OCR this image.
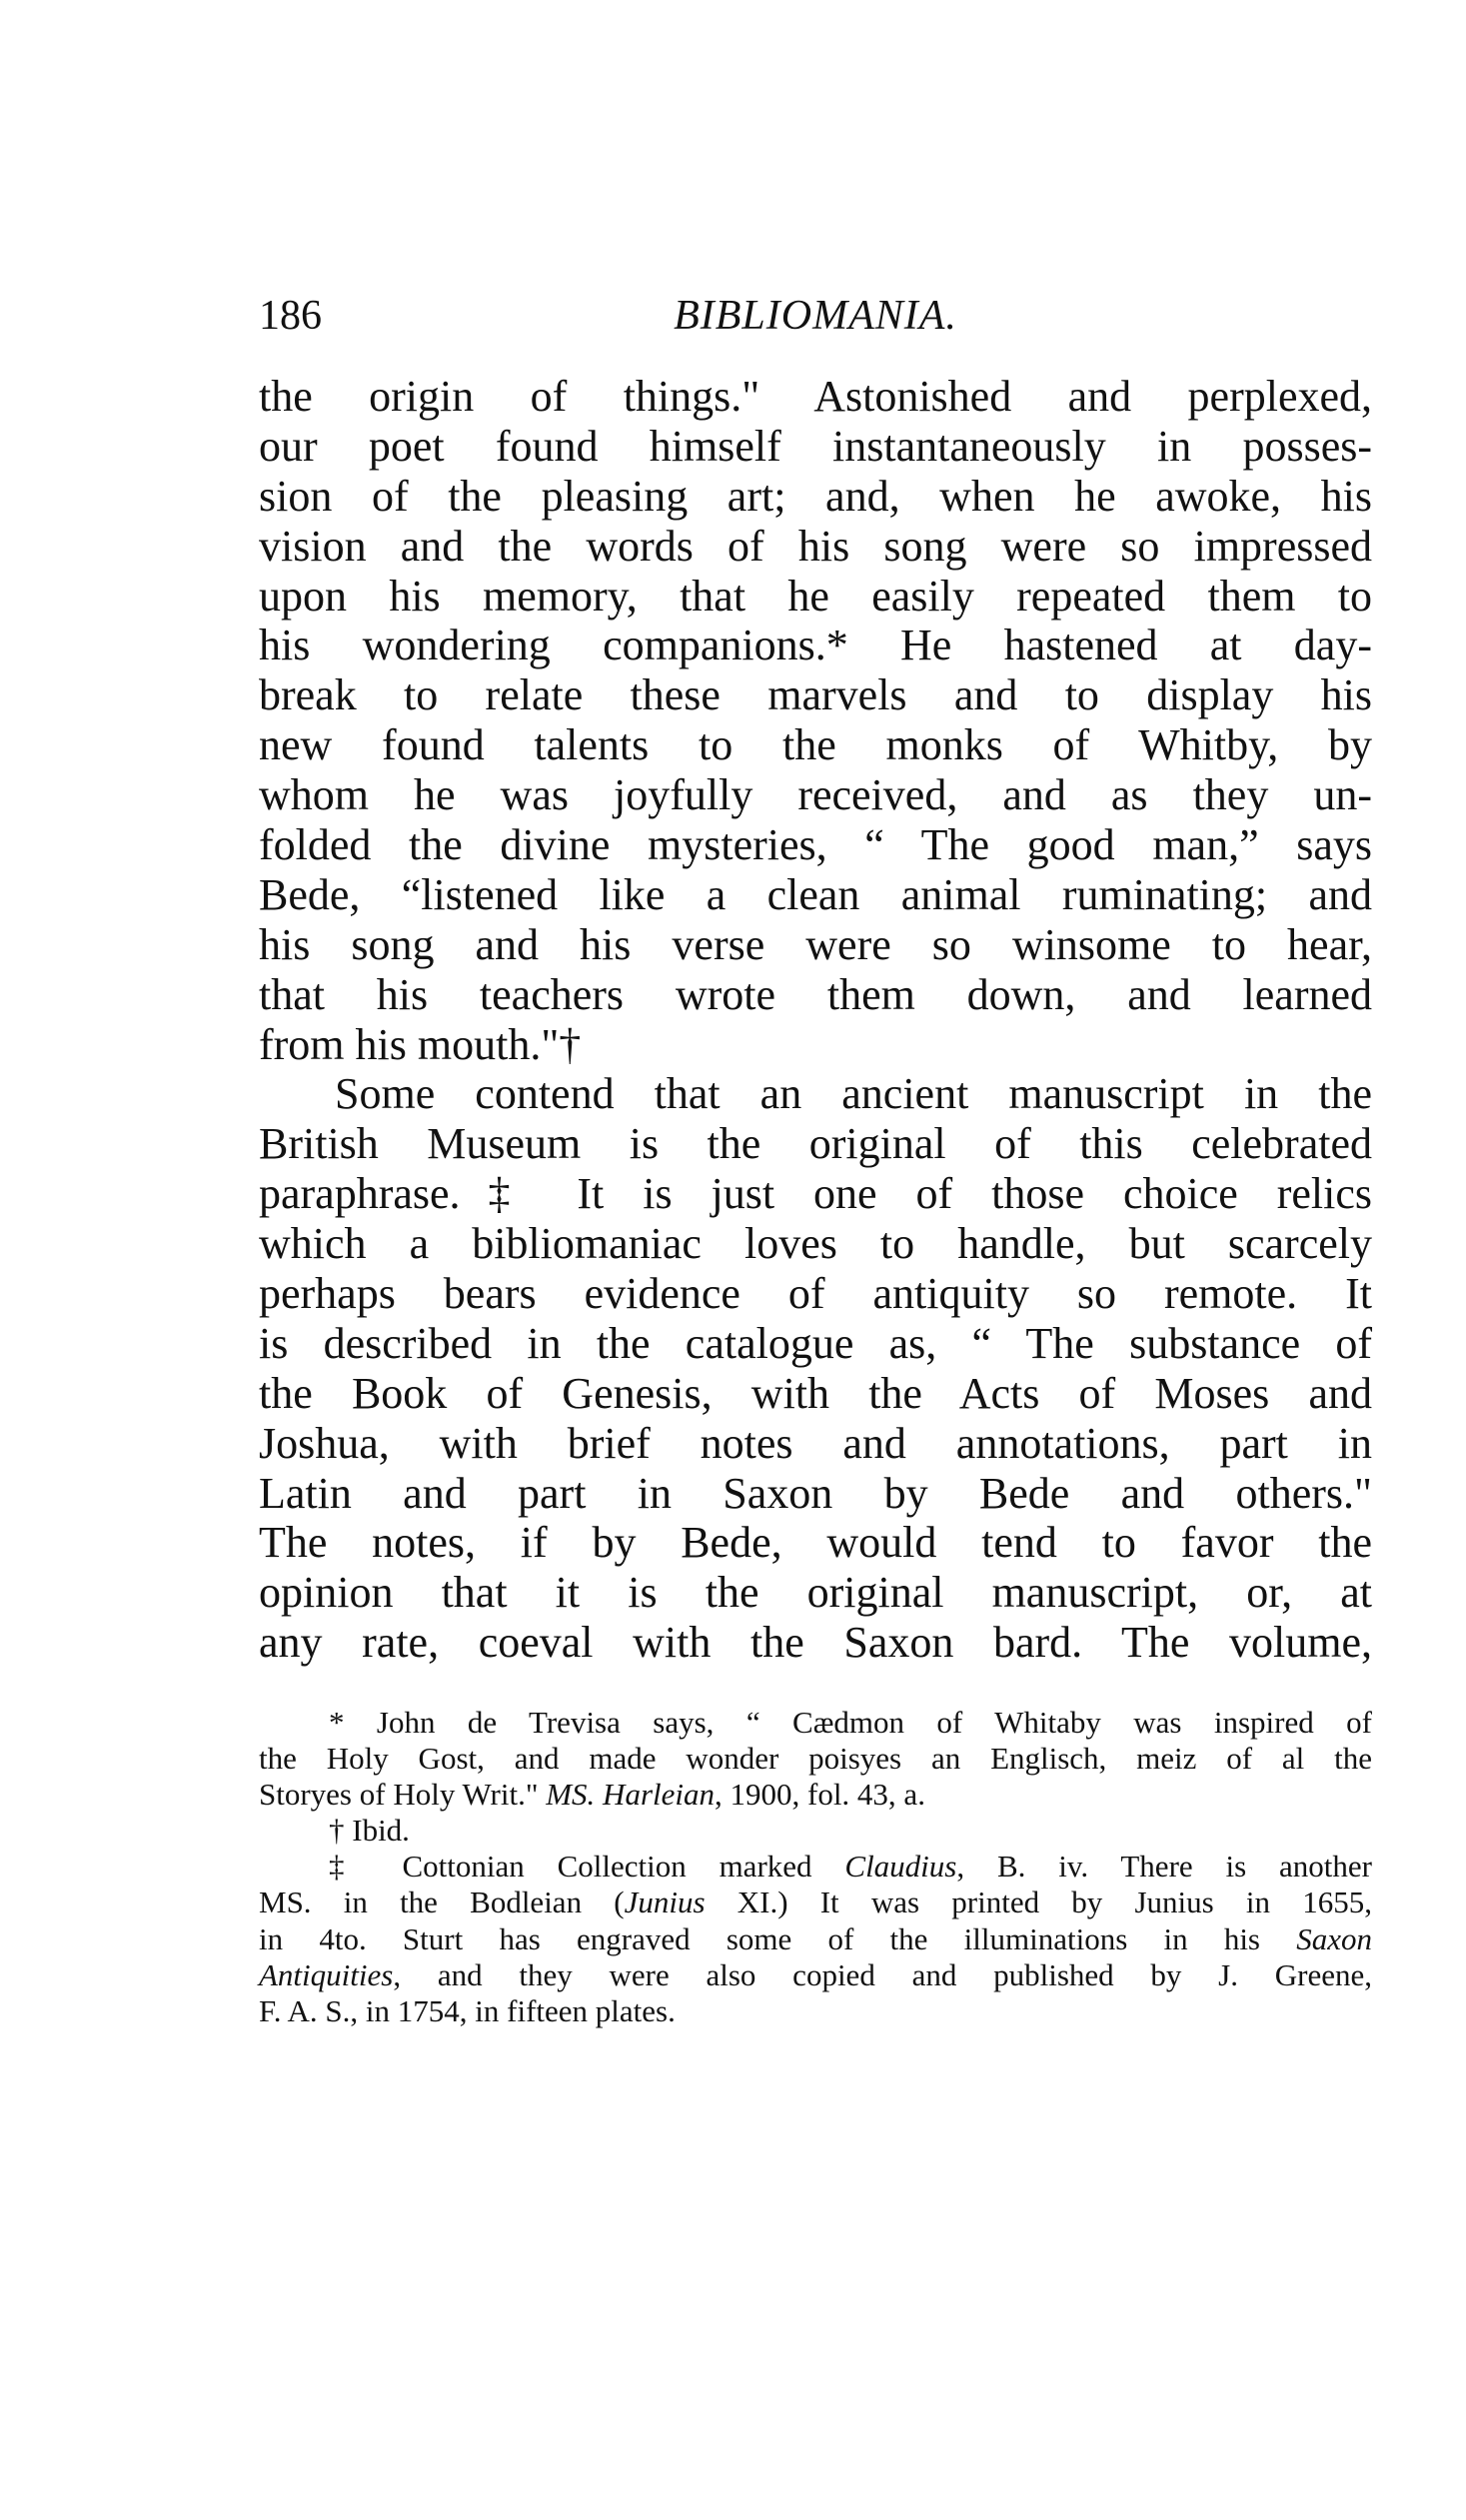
186	BIBLIOMANIA.
the origin of things." Astonished and perplexed,
our poet found himself instantaneously in posses-
sion of the pleasing art; and, when he awoke, his
vision and the words of his song were so impressed
upon his memory, that he easily repeated them to
his wondering companions.* He hastened at day-
break to relate these marvels and to display his
new found talents to the monks of Whitby, by
whom he was joyfully received, and as they un-
folded the divine mysteries, “ The good man,” says
Bede, “listened like a clean animal ruminating; and
his song and his verse were so winsome to hear,
that his teachers wrote them down, and learned
from his mouth."†
Some contend that an ancient manuscript in the
British Museum is the original of this celebrated
paraphrase.‡ It is just one of those choice relics
which a bibliomaniac loves to handle, but scarcely
perhaps bears evidence of antiquity so remote. It
is described in the catalogue as, “ The substance of
the Book of Genesis, with the Acts of Moses and
Joshua, with brief notes and annotations, part in
Latin and part in Saxon by Bede and others."
The notes, if by Bede, would tend to favor the
opinion that it is the original manuscript, or, at
any rate, coeval with the Saxon bard. The volume,
* John de Trevisa says, “ Cædmon of Whitaby was inspired of
the Holy Gost, and made wonder poisyes an Englisch, meiz of al the
Storyes of Holy Writ." MS. Harleian, 1900, fol. 43, a.
† Ibid.
‡ Cottonian Collection marked Claudius, B. iv. There is another
MS. in the Bodleian (Junius XI.) It was printed by Junius in 1655,
in 4to. Sturt has engraved some of the illuminations in his Saxon
Antiquities, and they were also copied and published by J. Greene,
F. A. S., in 1754, in fifteen plates.
